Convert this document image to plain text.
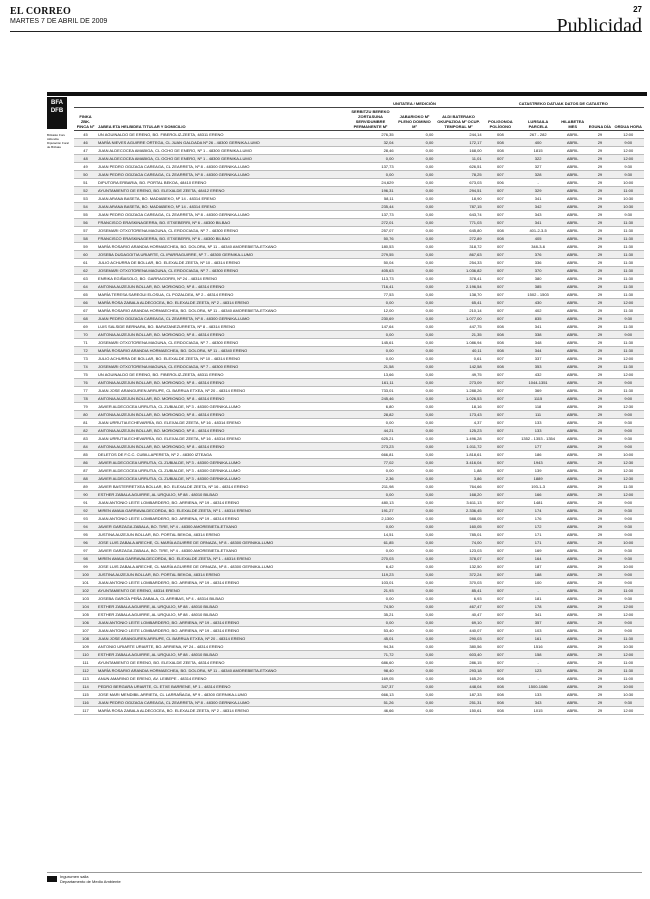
EL CORREO
MARTES 7 DE ABRIL DE 2009
27
Publicidad
BFA
DFB
Bizkaiko Foru Aldundia Diputación Foral de Bizkaia
		UNITATEA / MEDICIÓN			CATASTREKO DATUAK DATOS DE CATASTRO				
FINKA ZBK. FINCA Nº	JABEA ETA HELBIDEA TITULAR Y DOMICILIO	SERBITZU BEREKO ZORTASUNA SERVIDUMBRE PERMANENTE M²	JABARIOKO M² PLENO DOMINIO M²	ALDI BATERAKO OKUPAZIOA M² OCUP. TEMPORAL M²	POLIGONOA POLÍGONO	LURSAILA PARCELA	HILABETEA MES	EGUNA DÍA	ORDUA HORA
45	UN AGUINALDO DE ERENO, BO. FIBEROLIZ-ZEETA, 48311 ERENO	276,35	0,00	244,14	008	267 - 282	ABRIL	29	12:00
46	MARÍA NIEVES AGUIRRE ORTEGA, CL JUAN GALDADA Nº 26 - 48300 GERNIKA-LUMO	32,04	0,00	172,17	008	400	ABRIL	29	9:00
47	JUAN ALDECOCEA AMABIGA, CL OCHO DE ENERO, Nº 1 - 48300 GERNIKA-LUMO	28,46	0,00	168,00	008	1815	ABRIL	29	12:00
48	JUAN ALDECOCEA AMABIGA, CL OCHO DE ENERO, Nº 1 - 48300 GERNIKA-LUMO	0,00	0,00	11,01	007	322	ABRIL	29	12:00
49	JUAN PEDRO OGIZAGA CAREAGA, CL ZEARRETA, Nº 8 - 48300 GERNIKA-LUMO	137,73	0,00	626,51	007	327	ABRIL	29	9:30
50	JUAN PEDRO OGIZAGA CAREAGA, CL ZEARRETA, Nº 8 - 48300 GERNIKA-LUMO	0,00	0,00	78,25	007	328	ABRIL	29	9:30
51	DIPUTORA ERBARIA, BO. PORTAL BEKOA, 48410 ERENO	24,629	0,00	673,03	006	-	ABRIL	29	10:00
52	AYUNTAMIENTO DE ERENO, BO. ELEXALDE ZEETA, 48412 ERENO	196,31	0,00	294,51	007	329	ABRIL	29	11:00
53	JUAN ARANA BASETA, BO. MADIABEKO, Nº 14 - 48314 ERENO	58,11	0,00	18,90	007	341	ABRIL	29	10:30
54	JUAN ARANA BASETA, BO. MADIABEKO, Nº 14 - 48314 ERENO	235,44	0,00	787,15	007	342	ABRIL	29	10:30
55	JUAN PEDRO OGIZAGA CAREAGA, CL ZEARRETA, Nº 8 - 48300 GERNIKA-LUMO	137,73	0,00	643,74	007	343	ABRIL	29	9:30
56	FRANCISCO ERASKINAGERRA, BO. ETXEBERRI, Nº 6 - 48300 BILBAO	272,01	0,00	771,03	007	341	ABRIL	29	11:30
57	JOSEMARI OTXOTORENA MAGUNA, CL ERDOCIAGA, Nº 7 - 48300 ERENO	257,07	0,00	645,80	008	401-2-3-5	ABRIL	29	11:30
58	FRANCISCO ERASKINAGERRA, BO. ETXEBERRI, Nº 6 - 48300 BILBAO	50,76	0,00	272,89	008	405	ABRIL	29	11:30
59	MARÍA ROSARIO ARANDIA HORMAECHEA, BO. DOLORA, Nº 11 - 48340 AMOREBIETA-ETXANO	180,53	0,00	318,72	007	348-3-6	ABRIL	29	11:30
60	JOSEBA DUDAGOITIA URIARTE, CL IPARRAGUIRRE, Nº 7 - 48300 GERNIKA-LUMO	279,55	0,00	867,63	007	376	ABRIL	29	11:30
61	JULIO ACHURRA DE BOLLAR, BO. ELEXALDE ZEETA, Nº 10 - 48314 ERENO	50,04	0,00	254,33	007	336	ABRIL	29	11:30
62	JOSEMARI OTXOTORENA MAGUNA, CL ERDOCIAGA, Nº 7 - 48300 ERENO	405,63	0,00	1.036,82	007	370	ABRIL	29	11:30
63	ENRIKA EGIÑASOLO, BO. GARRAGORRI, Nº 24 - 48314 ERENO	113,73	0,00	378,41	007	380	ABRIL	29	11:30
64	ANTONIA AUZEJUN BOLLAR, BO. MORIONDO, Nº 8 - 48314 ERENO	716,41	0,00	2.196,54	007	385	ABRIL	29	11:30
65	MARÍA TERESA SAREGUI ELOSUA, CL POZALDEA, Nº 2 - 48314 ERENO	77,53	0,00	138,70	007	1502 - 1503	ABRIL	29	11:30
66	MARÍA ROSA ZABALA ALDECOCEA, BO. ELEXALDE ZEETA, Nº 2 - 48314 ERENO	0,00	0,00	65,41	007	430	ABRIL	29	12:00
67	MARÍA ROSARIO ARANDIA HORMAECHEA, BO. DOLORA, Nº 11 - 48340 AMOREBIETA-ETXANO	12,00	0,00	210,14	007	402	ABRIL	29	11:30
68	JUAN PEDRO OGIZAGA CAREAGA, CL ZEARRETA, Nº 8 - 48300 GERNIKA-LUMO	230,69	0,00	1.077,00	007	835	ABRIL	29	9:30
69	LUIS SALSIDE BERNARA, BO. BARATANEZURRETA, Nº 8 - 48314 ERENO	147,64	0,00	447,75	008	341	ABRIL	29	11:30
70	ANTONIA AUZEJUN BOLLAR, BO. MORIONDO, Nº 8 - 48314 ERENO	0,00	0,00	21,35	008	338	ABRIL	29	9:00
71	JOSEMARI OTXOTORENA MAGUNA, CL ERDOCIAGA, Nº 7 - 48300 ERENO	145,61	0,00	1.086,94	008	348	ABRIL	29	11:30
72	MARÍA ROSARIO ARANDIA HORMAECHEA, BO. DOLORA, Nº 11 - 48340 ERENO	0,00	0,00	40,11	008	344	ABRIL	29	11:30
73	JULIO ACHURRA DE BOLLAR, BO. ELEXALDE ZEETA, Nº 10 - 48314 ERENO	0,00	0,00	0,61	007	337	ABRIL	29	12:00
74	JOSEMARI OTXOTORENA MAGUNA, CL ERDOCIAGA, Nº 7 - 48300 ERENO	21,58	0,00	142,58	008	353	ABRIL	29	11:30
75	UN AGUINALDO DE ERENO, BO. FIBEROLIZ-ZEETA, 48311 ERENO	13,66	0,00	49,75	007	432	ABRIL	29	12:00
76	ANTONIA AUZEJUN BOLLAR, BO. MORIONDO, Nº 8 - 48314 ERENO	161,11	0,00	273,09	007	1044-1351	ABRIL	29	9:00
77	JUAN JOSE ARANGUREN ARRUPE, CL BARRUA ETXEA, Nº 20 - 48314 ERENO	733,01	0,00	1.288,26	007	369	ABRIL	29	11:30
78	ANTONIA AUZEJUN BOLLAR, BO. MORIONDO, Nº 8 - 48314 ERENO	245,46	0,00	1.026,53	007	1115	ABRIL	29	9:00
79	JAVIER ALDECOCEA URRUTIA, CL ZUBIALDE, Nº 3 - 48300 GERNIKA-LUMO	6,80	0,00	18,16	007	118	ABRIL	29	12:30
80	ANTONIA AUZEJUN BOLLAR, BO. MORIONDO, Nº 8 - 48314 ERENO	28,82	0,00	173,43	007	111	ABRIL	29	9:00
81	JUAN URRUTIA ECHEVARRÍA, BO. ELEXALDE ZEETA, Nº 16 - 48314 ERENO	0,00	0,00	4,37	007	133	ABRIL	29	9:30
82	ANTONIA AUZEJUN BOLLAR, BO. MORIONDO, Nº 8 - 48314 ERENO	44,21	0,00	125,23	007	133	ABRIL	29	9:00
83	JUAN URRUTIA ECHEVARRÍA, BO. ELEXALDE ZEETA, Nº 16 - 48314 ERENO	625,21	0,00	1.496,28	007	1352 - 1353 - 1354	ABRIL	29	9:30
84	ANTONIA AUZEJUN BOLLAR, BO. MORIONDO, Nº 8 - 48314 ERENO	273,23	0,00	1.011,72	007	177	ABRIL	29	9:00
85	DELETOS DE F.C.C. CUBILLAPERETA, Nº 2 - 48300 IZTEAGA	666,81	0,00	1.818,61	007	186	ABRIL	29	10:00
86	JAVIER ALDECOCEA URRUTIA, CL ZUBIALDE, Nº 3 - 48300 GERNIKA-LUMO	77,02	0,00	3.416,04	007	1943	ABRIL	29	12:30
87	JAVIER ALDECOCEA URRUTIA, CL ZUBIALDE, Nº 3 - 48300 GERNIKA-LUMO	0,00	0,00	1,88	007	139	ABRIL	29	12:30
88	JAVIER ALDECOCEA URRUTIA, CL ZUBIALDE, Nº 3 - 48300 GERNIKA-LUMO	2,36	0,00	3,86	007	1889	ABRIL	29	12:30
89	JAVIER BASTERRETXEA BOLLAR, BO. ELEXALDE ZEETA, Nº 16 - 48314 ERENO	211,98	0,00	764,66	007	193-1-3	ABRIL	29	11:30
90	ESTHER ZABALA AGUIRRE, AL URQUIJO, Nº 88 - 48010 BILBAO	0,00	0,00	168,20	007	166	ABRIL	29	12:00
91	JUAN ANTONIO LEITE LOMBARDERO, BO. ARRIENA, Nº 19 - 48314 ERENO	480,13	0,00	3.611,13	007	1481	ABRIL	29	9:00
92	MIREN AMAIA GARRAVALDECORDA, BO. ELEXALDE ZEETA, Nº 1 - 48314 ERENO	191,27	0,00	2.336,45	007	174	ABRIL	29	9:30
93	JUAN ANTONIO LEITE LOMBARDERO, BO. ARRIENA, Nº 19 - 48314 ERENO	2,1300	0,00	588,05	007	176	ABRIL	29	9:00
94	JAVIER GARZAGA ZABALA, BO. TIRE, Nº 4 - 48300 AMOREBIETA-ETXANO	0,00	0,00	160,05	007	172	ABRIL	29	9:30
95	JUSTINA AUZEJUN BOLLAR, BO. PORTAL BEKOA, 48314 ERENO	14,51	0,00	785,01	007	171	ABRIL	29	9:00
96	JOSE LUIS ZABALA ARECHE, CL MARÍA AGUIRRE DE ORNAZA, Nº 8 - 48300 GERNIKA-LUMO	61,85	0,00	74,00	007	171	ABRIL	29	10:00
97	JAVIER GARZAGA ZABALA, BO. TIRE, Nº 4 - 48300 AMOREBIETA-ETXANO	0,00	0,00	123,03	007	169	ABRIL	29	9:30
98	MIREN AMAIA GARRAVALDECORDA, BO. ELEXALDE ZEETA, Nº 1 - 48314 ERENO	270,03	0,00	378,07	007	164	ABRIL	29	9:30
99	JOSE LUIS ZABALA ARECHE, CL MARÍA AGUIRRE DE ORNAZA, Nº 8 - 48300 GERNIKA-LUMO	6,42	0,00	132,50	007	187	ABRIL	29	10:00
100	JUSTINA AUZEJUN BOLLAR, BO. PORTAL BEKOA, 48314 ERENO	119,23	0,00	372,24	007	188	ABRIL	29	9:00
101	JUAN ANTONIO LEITE LOMBARDERO, BO. ARRIENA, Nº 19 - 48314 ERENO	103,01	0,00	370,03	007	100	ABRIL	29	9:00
102	AYUNTAMIENTO DE ERENO, 48314 ERENO	21,93	0,00	85,41	007	-	ABRIL	29	11:00
103	JOSEBA GARCÍA PEÑA ZABALA, CL ARRIBAS, Nº 4 - 48314 BILBAO	0,00	0,00	6,93	007	181	ABRIL	29	9:30
104	ESTHER ZABALA AGUIRRE, AL URQUIJO, Nº 88 - 48010 BILBAO	74,50	0,00	467,47	007	178	ABRIL	29	12:00
105	ESTHER ZABALA AGUIRRE, AL URQUIJO, Nº 88 - 48010 BILBAO	35,21	0,00	40,47	007	341	ABRIL	29	12:00
106	JUAN ANTONIO LEITE LOMBARDERO, BO. ARRIENA, Nº 19 - 48314 ERENO	0,00	0,00	69,10	007	357	ABRIL	29	9:00
107	JUAN ANTONIO LEITE LOMBARDERO, BO. ARRIENA, Nº 19 - 48314 ERENO	53,40	0,00	440,07	007	103	ABRIL	29	9:00
108	JUAN JOSE ARANGUREN ARRUPE, CL BARRUA ETXEA, Nº 20 - 48314 ERENO	45,01	0,00	290,03	007	161	ABRIL	29	11:30
109	ANTONIO URIARTE URIARTE, BO. ARRIENA, Nº 24 - 48314 ERENO	94,34	0,00	380,56	007	1516	ABRIL	29	10:30
110	ESTHER ZABALA AGUIRRE, AL URQUIJO, Nº 88 - 48010 BILBAO	71,72	0,00	603,40	007	158	ABRIL	29	12:00
111	AYUNTAMIENTO DE ERENO, BO. ELEXALDE ZEETA, 48314 ERENO	686,60	0,00	286,15	007	-	ABRIL	29	11:00
112	MARÍA ROSARIO ARANDIA HORMAECHEA, BO. DOLORA, Nº 11 - 48340 AMOREBIETA-ETXANO	98,40	0,00	293,18	007	123	ABRIL	29	11:30
113	ANUN AMARINO DE ERENO, AV. LEIBEPE - 48314 ERENO	169,05	0,00	165,29	008	-	ABRIL	29	11:00
114	PEDRO BERGARA URIARTE, CL ETXE BARRENE, Nº 1 - 48314 ERENO	347,37	0,00	448,04	008	1500-1086	ABRIL	29	10:00
115	JOSE MARI MENDIBIL ARRIETA, CL LARRAÑAGA, Nº 9 - 48300 GERNIKA-LUMO	666,13	0,00	187,33	008	133	ABRIL	29	10:30
116	JUAN PEDRO OGIZAGA CAREAGA, CL ZEARRETA, Nº 8 - 48300 GERNIKA-LUMO	51,26	0,00	251,31	008	343	ABRIL	29	9:30
117	MARÍA ROSA ZABALA ALDECOCEA, BO. ELEXALDE ZEETA, Nº 2 - 48314 ERENO	46,66	0,00	150,61	008	1015	ABRIL	29	12:00
Ingurumen saila
Departamento de Medio Ambiente
